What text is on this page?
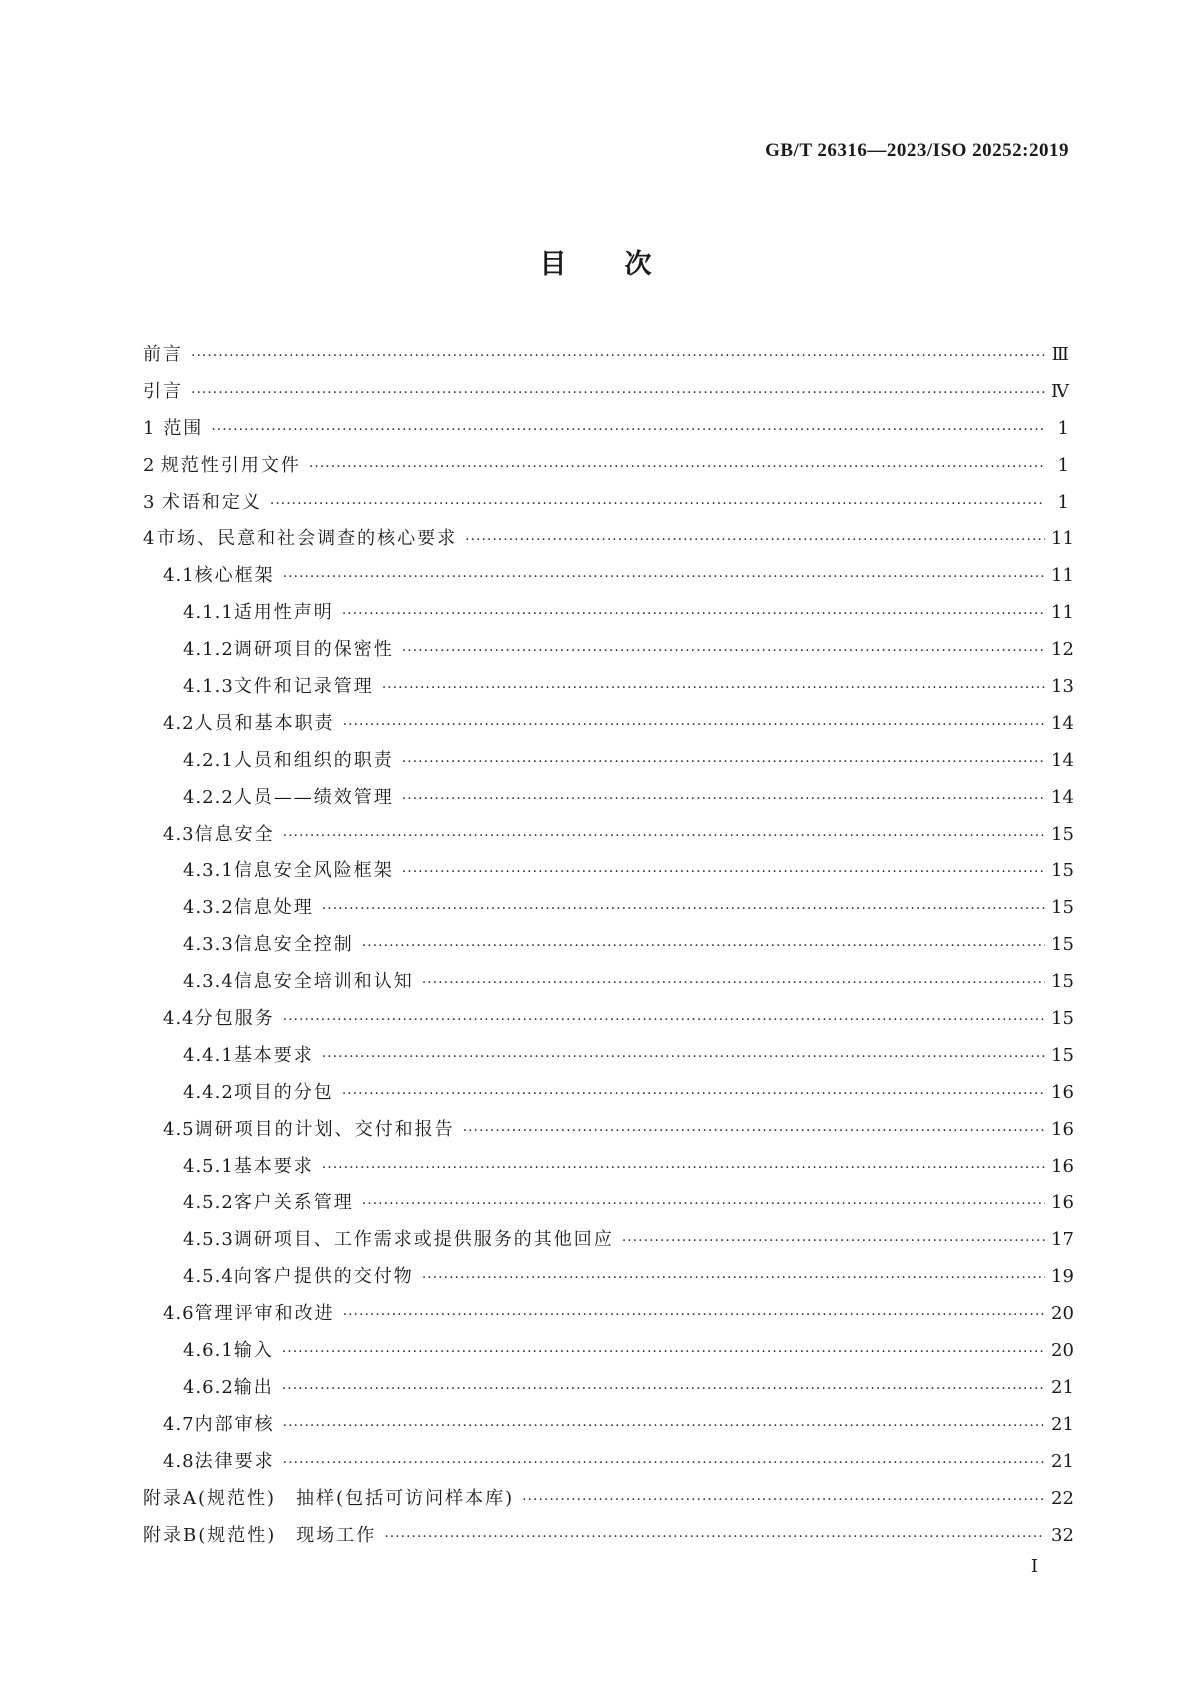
GB/T 26316—2023/ISO 20252:2019
目次
前言 ·····	Ⅲ
引言 ·····	Ⅳ
1 范围 ·····	1
2 规范性引用文件 ·····	1
3 术语和定义 ·····	1
4 市场、民意和社会调查的核心要求 ·····	11
4.1 核心框架 ·····	11
4.1.1 适用性声明 ·····	11
4.1.2 调研项目的保密性 ·····	12
4.1.3 文件和记录管理 ·····	13
4.2 人员和基本职责 ·····	14
4.2.1 人员和组织的职责 ·····	14
4.2.2 人员——绩效管理 ·····	14
4.3 信息安全 ·····	15
4.3.1 信息安全风险框架 ·····	15
4.3.2 信息处理 ·····	15
4.3.3 信息安全控制 ·····	15
4.3.4 信息安全培训和认知 ·····	15
4.4 分包服务 ·····	15
4.4.1 基本要求 ·····	15
4.4.2 项目的分包 ·····	16
4.5 调研项目的计划、交付和报告 ·····	16
4.5.1 基本要求 ·····	16
4.5.2 客户关系管理 ·····	16
4.5.3 调研项目、工作需求或提供服务的其他回应 ·····	17
4.5.4 向客户提供的交付物 ·····	19
4.6 管理评审和改进 ·····	20
4.6.1 输入 ·····	20
4.6.2 输出 ·····	21
4.7 内部审核 ·····	21
4.8 法律要求 ·····	21
附录A(规范性)　抽样(包括可访问样本库) ·····	22
附录B(规范性)　现场工作 ·····	32
Ⅰ
